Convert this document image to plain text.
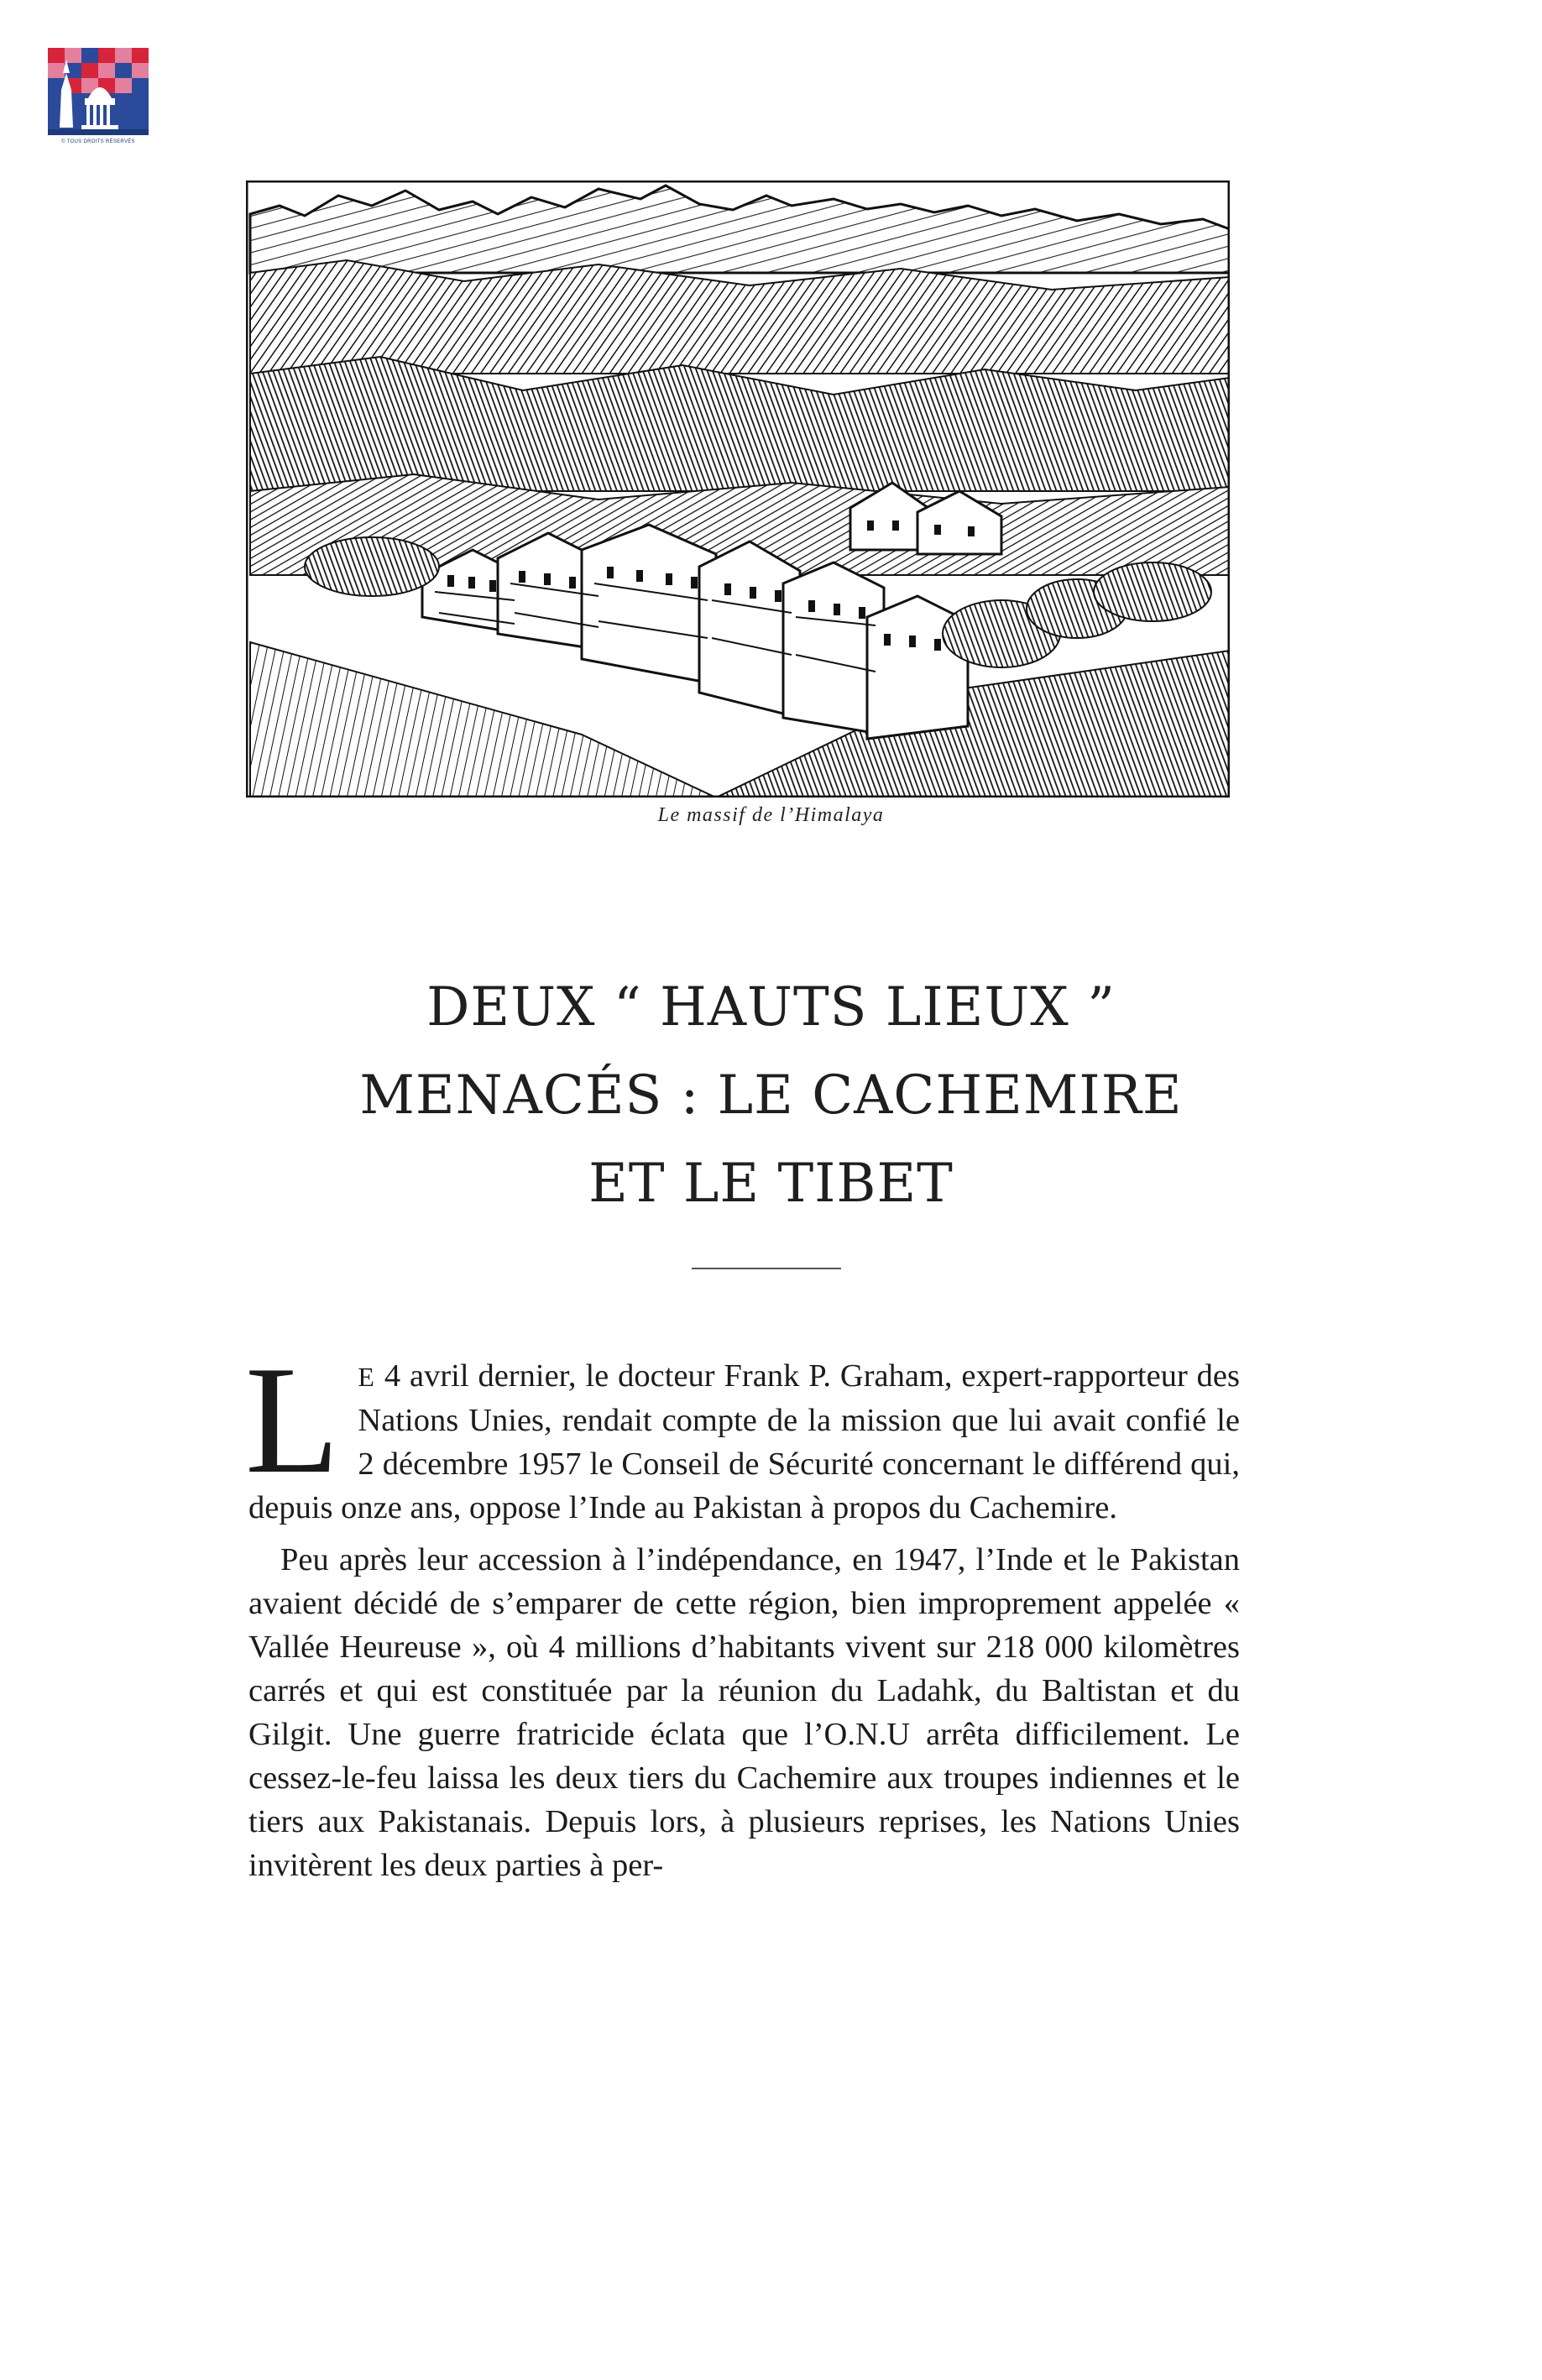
© TOUS DROITS RÉSERVÉS
Le massif de l’Himalaya
DEUX “ HAUTS LIEUX ”
MENACÉS : LE CACHEMIRE
ET LE TIBET

L E 4 avril dernier, le docteur Frank P. Graham, expert-rapporteur des Nations Unies, rendait compte de la mission que lui avait confié le 2 décembre 1957 le Conseil de Sécurité concernant le différend qui, depuis onze ans, oppose l’Inde au Pakistan à propos du Cachemire.

Peu après leur accession à l’indépendance, en 1947, l’Inde et le Pakistan avaient décidé de s’emparer de cette région, bien improprement appelée « Vallée Heureuse », où 4 millions d’habitants vivent sur 218 000 kilomètres carrés et qui est constituée par la réunion du Ladahk, du Baltistan et du Gilgit. Une guerre fratricide éclata que l’O.N.U arrêta difficilement. Le cessez-le-feu laissa les deux tiers du Cachemire aux troupes indiennes et le tiers aux Pakistanais. Depuis lors, à plusieurs reprises, les Nations Unies invitèrent les deux parties à per-
